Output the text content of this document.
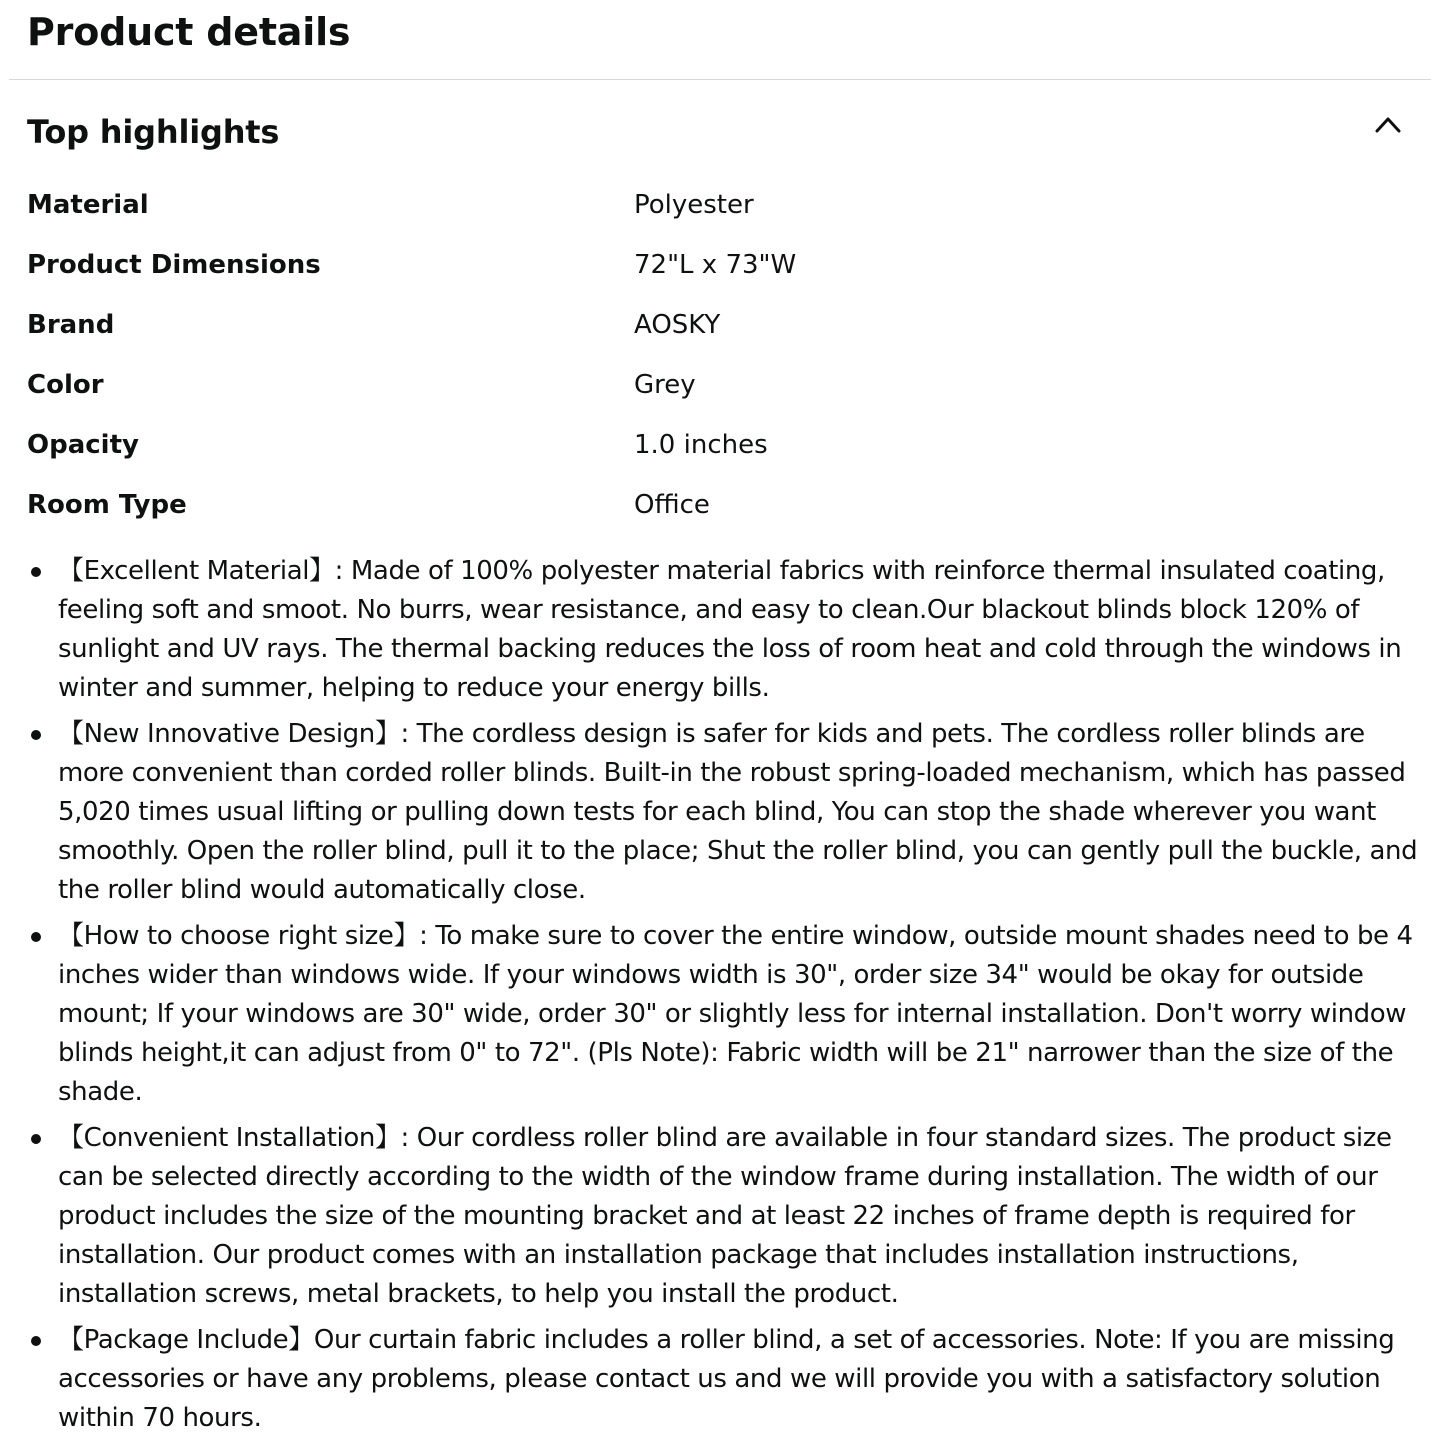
Product details
Top highlights
Material	Polyester
Product Dimensions	72"L x 73"W
Brand	AOSKY
Color	Grey
Opacity	1.0 inches
Room Type	Office
【Excellent Material】: Made of 100% polyester material fabrics with reinforce thermal insulated coating, feeling soft and smoot. No burrs, wear resistance, and easy to clean.Our blackout blinds block 120% of sunlight and UV rays. The thermal backing reduces the loss of room heat and cold through the windows in winter and summer, helping to reduce your energy bills.
【New Innovative Design】: The cordless design is safer for kids and pets. The cordless roller blinds are more convenient than corded roller blinds. Built-in the robust spring-loaded mechanism, which has passed 5,020 times usual lifting or pulling down tests for each blind, You can stop the shade wherever you want smoothly. Open the roller blind, pull it to the place; Shut the roller blind, you can gently pull the buckle, and the roller blind would automatically close.
【How to choose right size】: To make sure to cover the entire window, outside mount shades need to be 4 inches wider than windows wide. If your windows width is 30", order size 34" would be okay for outside mount; If your windows are 30" wide, order 30" or slightly less for internal installation. Don't worry window blinds height,it can adjust from 0" to 72". (Pls Note): Fabric width will be 21" narrower than the size of the shade.
【Convenient Installation】: Our cordless roller blind are available in four standard sizes. The product size can be selected directly according to the width of the window frame during installation. The width of our product includes the size of the mounting bracket and at least 22 inches of frame depth is required for installation. Our product comes with an installation package that includes installation instructions, installation screws, metal brackets, to help you install the product.
【Package Include】Our curtain fabric includes a roller blind, a set of accessories. Note: If you are missing accessories or have any problems, please contact us and we will provide you with a satisfactory solution within 70 hours.
